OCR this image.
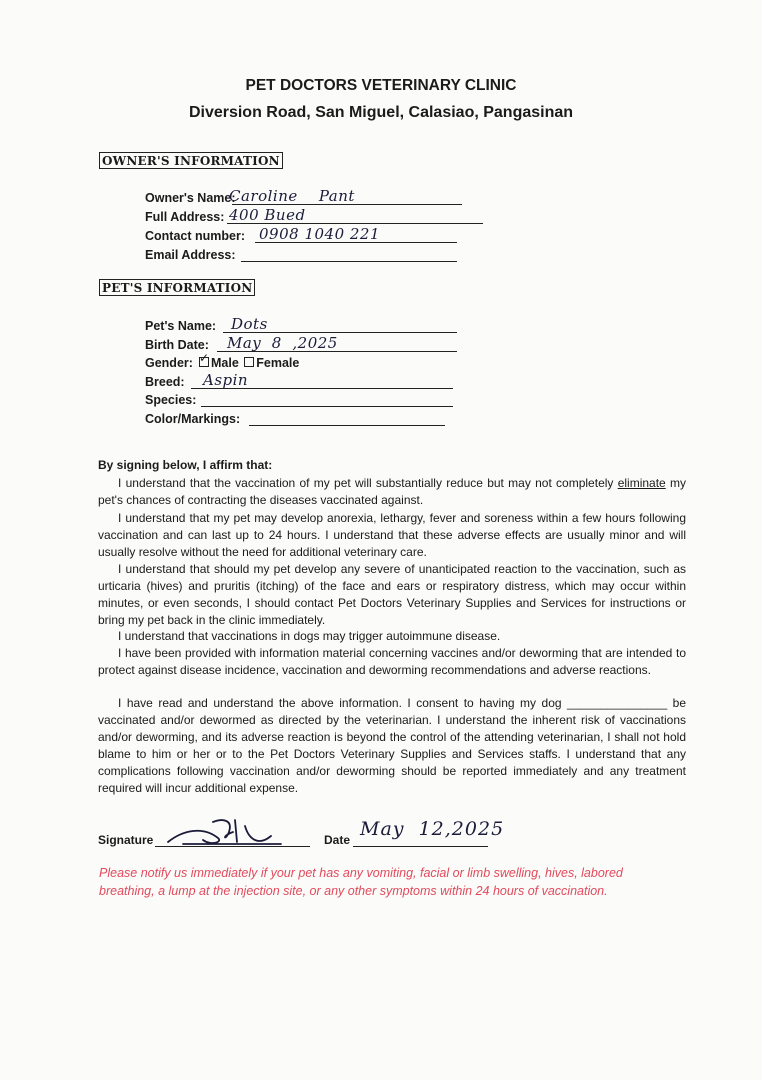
PET DOCTORS VETERINARY CLINIC
Diversion Road, San Miguel, Calasiao, Pangasinan
OWNER'S INFORMATION
Owner's Name:
Caroline    Pant
Full Address: 400 Bued
Contact number: 0908 1040 221
Email Address:
PET'S INFORMATION
Pet's Name: Dots
Birth Date: May  8  ,2025
Gender:
✓	Male Female
Breed: Aspin
Species:
Color/Markings:
By signing below, I affirm that:
I understand that the vaccination of my pet will substantially reduce but may not completely eliminate my pet's chances of contracting the diseases vaccinated against.
I understand that my pet may develop anorexia, lethargy, fever and soreness within a few hours following vaccination and can last up to 24 hours. I understand that these adverse effects are usually minor and will usually resolve without the need for additional veterinary care.
I understand that should my pet develop any severe of unanticipated reaction to the vaccination, such as urticaria (hives) and pruritis (itching) of the face and ears or respiratory distress, which may occur within minutes, or even seconds, I should contact Pet Doctors Veterinary Supplies and Services for instructions or bring my pet back in the clinic immediately.
I understand that vaccinations in dogs may trigger autoimmune disease.
I have been provided with information material concerning vaccines and/or deworming that are intended to protect against disease incidence, vaccination and deworming recommendations and adverse reactions.
I have read and understand the above information. I consent to having my dog _______________ be vaccinated and/or dewormed as directed by the veterinarian. I understand the inherent risk of vaccinations and/or deworming, and its adverse reaction is beyond the control of the attending veterinarian, I shall not hold blame to him or her or to the Pet Doctors Veterinary Supplies and Services staffs. I understand that any complications following vaccination and/or deworming should be reported immediately and any treatment required will incur additional expense.
Signature	Date May  12,2025
Please notify us immediately if your pet has any vomiting, facial or limb swelling, hives, labored breathing, a lump at the injection site, or any other symptoms within 24 hours of vaccination.
